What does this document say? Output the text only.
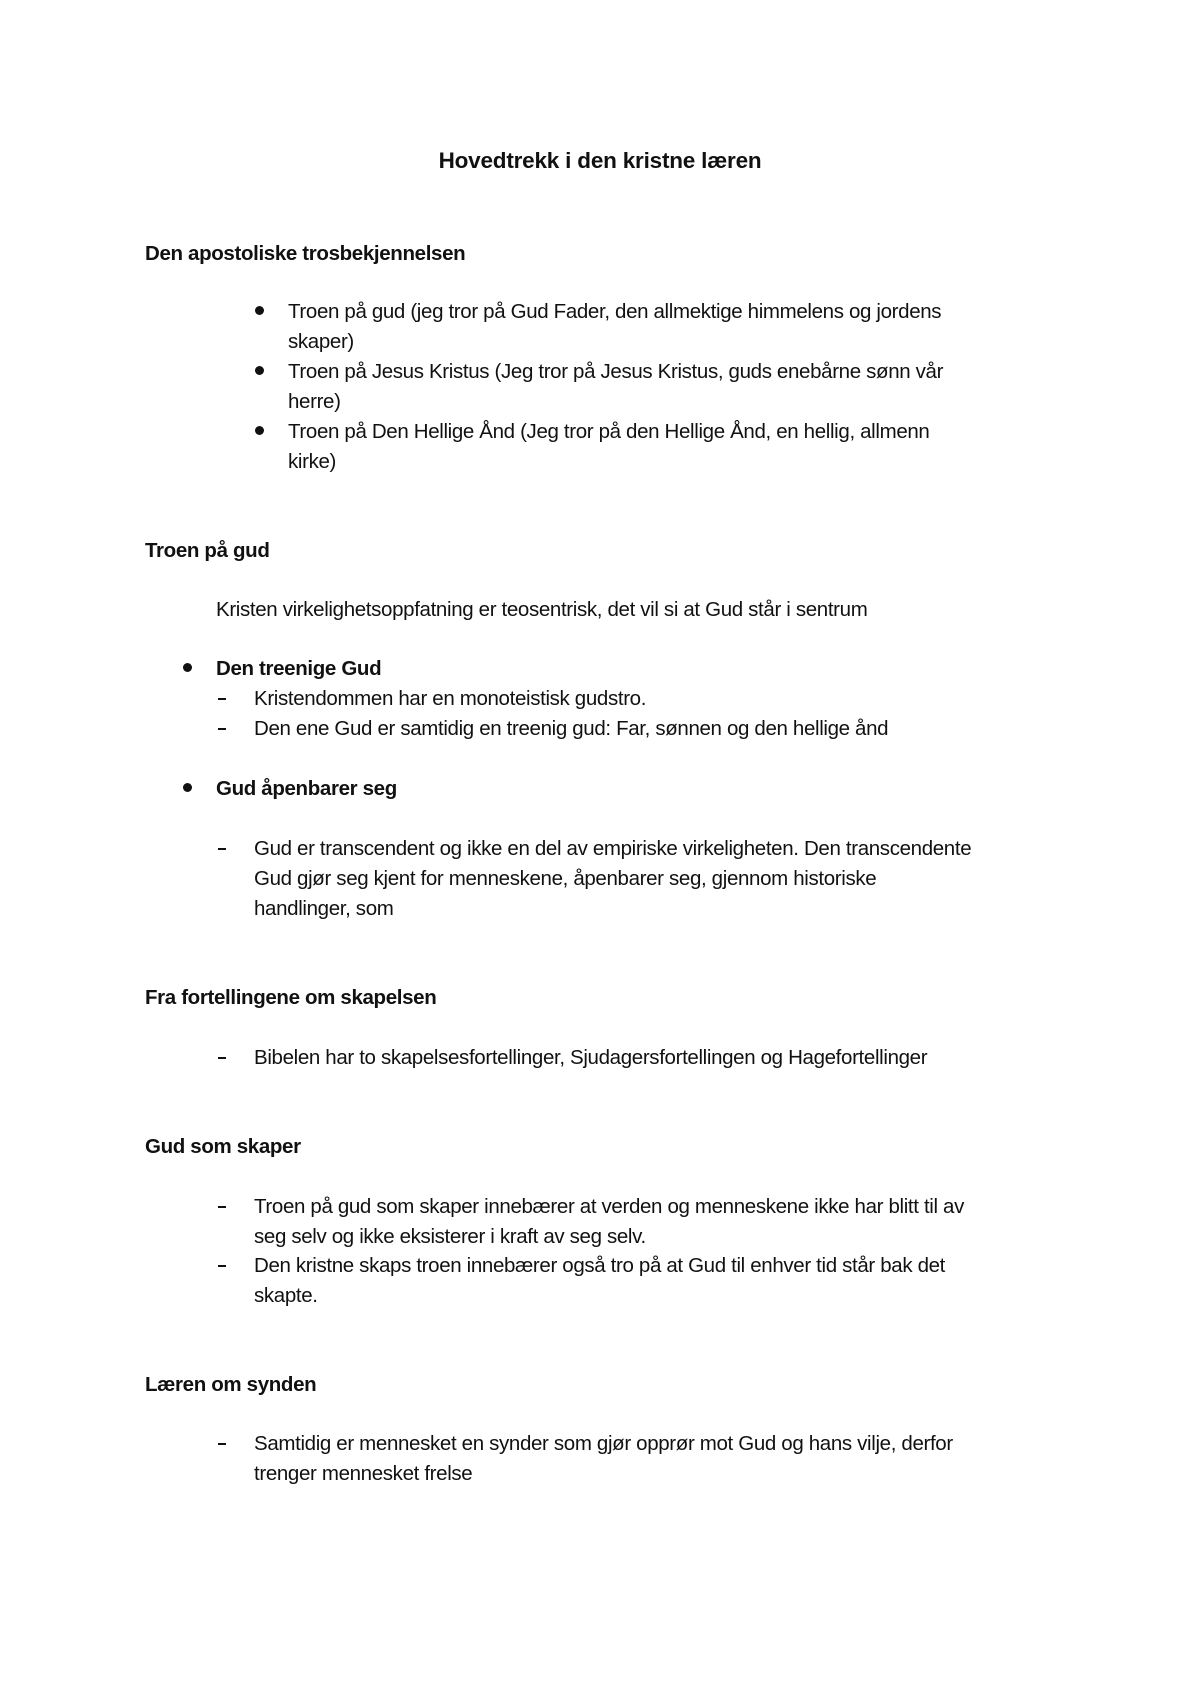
Hovedtrekk i den kristne læren
Den apostoliske trosbekjennelsen
Troen på gud (jeg tror på Gud Fader, den allmektige himmelens og jordens
skaper)
Troen på Jesus Kristus (Jeg tror på Jesus Kristus, guds enebårne sønn vår
herre)
Troen på Den Hellige Ånd (Jeg tror på den Hellige Ånd, en hellig, allmenn
kirke)
Troen på gud
Kristen virkelighetsoppfatning er teosentrisk, det vil si at Gud står i sentrum
Den treenige Gud
Kristendommen har en monoteistisk gudstro.
Den ene Gud er samtidig en treenig gud: Far, sønnen og den hellige ånd
Gud åpenbarer seg
Gud er transcendent og ikke en del av empiriske virkeligheten. Den transcendente
Gud gjør seg kjent for menneskene, åpenbarer seg, gjennom historiske
handlinger, som
Fra fortellingene om skapelsen
Bibelen har to skapelsesfortellinger, Sjudagersfortellingen og Hagefortellinger
Gud som skaper
Troen på gud som skaper innebærer at verden og menneskene ikke har blitt til av
seg selv og ikke eksisterer i kraft av seg selv.
Den kristne skaps troen innebærer også tro på at Gud til enhver tid står bak det
skapte.
Læren om synden
Samtidig er mennesket en synder som gjør opprør mot Gud og hans vilje, derfor
trenger mennesket frelse
